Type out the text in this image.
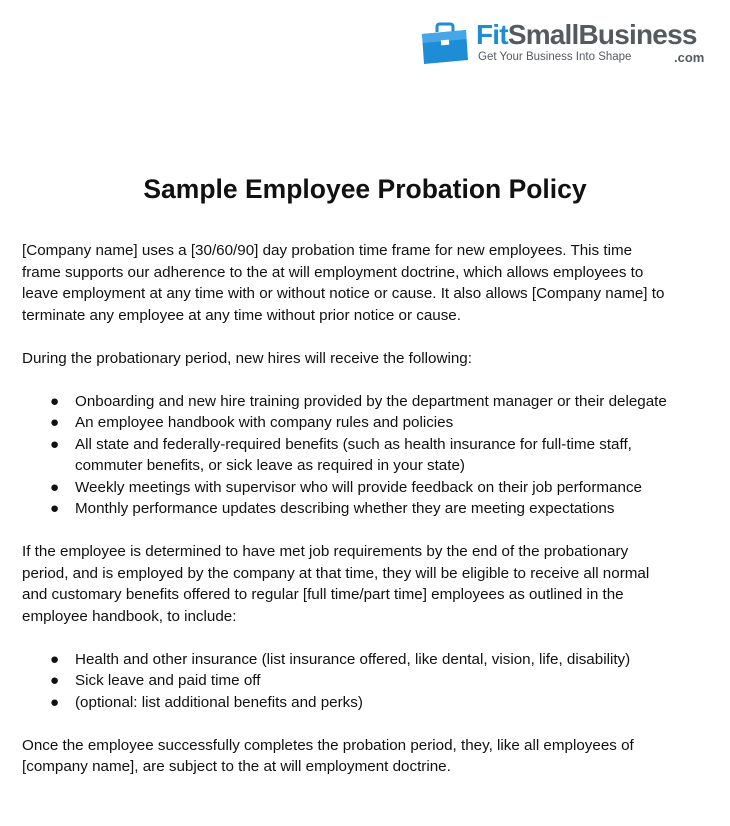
FitSmallBusiness
Get Your Business Into Shape	.com
Sample Employee Probation Policy

[Company name] uses a [30/60/90] day probation time frame for new employees. This time
frame supports our adherence to the at will employment doctrine, which allows employees to
leave employment at any time with or without notice or cause. It also allows [Company name] to
terminate any employee at any time without prior notice or cause.

During the probationary period, new hires will receive the following:

● Onboarding and new hire training provided by the department manager or their delegate
● An employee handbook with company rules and policies
● All state and federally-required benefits (such as health insurance for full-time staff,
commuter benefits, or sick leave as required in your state)
● Weekly meetings with supervisor who will provide feedback on their job performance
● Monthly performance updates describing whether they are meeting expectations

If the employee is determined to have met job requirements by the end of the probationary
period, and is employed by the company at that time, they will be eligible to receive all normal
and customary benefits offered to regular [full time/part time] employees as outlined in the
employee handbook, to include:

● Health and other insurance (list insurance offered, like dental, vision, life, disability)
● Sick leave and paid time off
● (optional: list additional benefits and perks)

Once the employee successfully completes the probation period, they, like all employees of
[company name], are subject to the at will employment doctrine.
